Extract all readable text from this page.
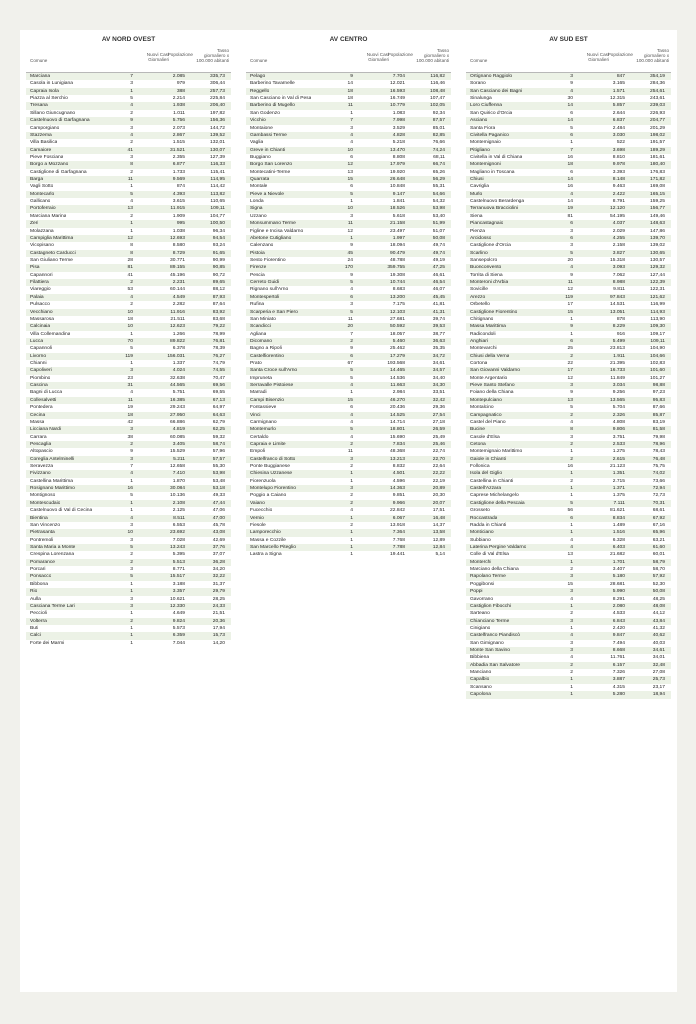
AV NORD OVEST
Comune
Nuovi Casi Giornalieri
Popolazione
Tasso giornaliero x 100.000 abitanti
Marciana	7	2.085	335,73
Casola in Lunigiana	3	979	306,44
Capraia Isola	1	388	257,73
Piazza al Serchio	5	2.214	225,84
Tresana	4	1.938	206,40
Sillano Giuncugnano	2	1.011	197,82
Castelnuovo di Garfagnana	9	5.756	156,36
Camporgiano	3	2.073	144,72
Stazzema	4	2.867	139,52
Villa Basilica	2	1.515	132,01
Camaiore	41	31.521	130,07
Pieve Fosciana	3	2.355	127,39
Borgo a Mozzano	8	6.877	116,33
Castiglione di Garfagnana	2	1.733	115,41
Barga	11	9.569	114,95
Vagli Sotto	1	874	114,42
Montecarlo	5	4.393	113,82
Gallicano	4	3.615	110,65
Portoferraio	13	11.915	109,11
Marciana Marina	2	1.909	104,77
Zeri	1	995	100,50
Molazzana	1	1.038	96,34
Campiglia Marittima	12	12.693	94,54
Vicopisano	8	8.580	93,24
Castagneto Carducci	8	8.729	91,65
San Giuliano Terme	28	30.771	90,99
Pisa	81	89.155	90,85
Capannori	41	45.196	90,72
Filattiera	2	2.231	89,65
Viareggio	53	60.144	88,12
Palaia	4	4.549	87,93
Pulsacco	2	2.282	87,64
Vecchiano	10	11.916	83,92
Massarosa	18	21.511	83,68
Calcinaia	10	12.623	79,22
Villa Collemandina	1	1.266	78,99
Lucca	70	89.822	76,81
Capannoli	5	6.378	78,39
Livorno	119	156.031	76,27
Chianni	1	1.337	74,79
Capoliveri	3	4.024	74,55
Piombino	23	32.638	70,47
Cascina	31	44.565	69,56
Bagni di Lucca	4	5.751	69,55
Collesalvetti	11	16.385	67,13
Pontedera	19	29.243	64,97
Cecina	18	27.950	64,63
Massa	42	66.886	62,79
Licciana Nardi	3	4.819	62,25
Carrara	38	60.085	59,32
Pescaglia	2	3.405	58,74
Altopascio	9	15.529	57,96
Coreglia Antelminelli	3	5.211	57,57
Seravezza	7	12.658	55,30
Fivizzano	4	7.410	53,98
Castellina Marittima	1	1.870	53,48
Rosignano Marittimo	16	30.084	53,18
Montignoso	5	10.136	49,33
Montescudaio	1	2.108	47,44
Castelnuovo di Val di Cecina	1	2.125	47,06
Bientina	4	8.511	47,00
San Vincenzo	3	6.553	45,78
Pietrasanta	10	23.692	43,08
Pontremoli	3	7.028	42,69
Santa Maria a Monte	5	13.243	37,76
Crespina Lorenzana	2	5.395	37,07
Pomarance	2	5.513	36,28
Porcari	3	8.771	34,20
Ponsacco	5	15.517	32,22
Bibbona	1	3.188	31,37
Rio	1	3.357	29,79
Aulla	3	10.621	28,25
Casciana Terme Lari	3	12.330	24,33
Peccioli	1	4.649	21,51
Volterra	2	9.824	20,36
Buti	1	5.573	17,94
Calci	1	6.359	15,73
Forte dei Marmi	1	7.044	14,20
AV CENTRO
Comune
Nuovi Casi Giornalieri
Popolazione
Tasso giornaliero x 100.000 abitanti
Pelago	9	7.704	116,82
Barberino Tavarnelle	14	12.021	116,46
Reggello	18	16.593	108,48
San Casciano in Val di Pesa	18	16.749	107,47
Barberino di Mugello	11	10.779	102,05
San Godenzo	1	1.083	92,34
Vicchio	7	7.998	87,57
Montaione	3	3.529	85,01
Gambassi Terme	4	4.828	82,85
Vaglia	4	5.218	76,66
Greve in Chianti	10	13.470	74,24
Buggiano	6	8.808	68,11
Borgo San Lorenzo	12	17.979	66,74
Montecatini-Terme	13	19.920	65,26
Quarrata	15	26.648	56,29
Montale	6	10.848	55,31
Pieve a Nievole	5	9.147	54,66
Londa	1	1.841	54,32
Signa	10	18.526	53,98
Uzzano	3	5.618	53,40
Monsummano Terme	11	21.158	51,99
Figline e Incisa Valdarno	12	23.497	51,07
Abetone Cutigliano	1	1.997	50,08
Calenzano	9	18.094	49,74
Pistoia	45	90.479	49,74
Sesto Fiorentino	24	48.788	49,19
Firenze	170	359.755	47,25
Pescia	9	19.308	46,61
Cerreto Guidi	5	10.744	46,54
Rignano sull'Arno	4	8.683	46,07
Montespertoli	6	13.200	45,45
Rufina	3	7.175	41,81
Scarperia e San Piero	5	12.103	41,31
San Miniato	11	27.681	39,74
Scandicci	20	50.592	39,53
Agliana	7	18.057	38,77
Dicomano	2	5.460	36,63
Bagno a Ripoli	9	25.462	35,35
Castelfiorentino	6	17.279	34,72
Prato	67	193.568	34,61
Santa Croce sull'Arno	5	14.465	34,57
Impruneta	5	14.536	34,40
Serravalle Pistoiese	4	11.663	34,30
Marradi	1	2.984	33,51
Campi Bisenzio	15	46.270	32,42
Fontassieve	6	20.436	29,36
Vinci	4	14.525	27,54
Carmignano	4	14.714	27,18
Montemurlo	5	18.801	26,59
Certaldo	4	15.690	25,49
Capraia e Limite	2	7.834	25,46
Empoli	11	48.368	22,74
Castelfranco di Sotto	3	13.213	22,70
Ponte Buggianese	2	8.832	22,64
Chiesina Uzzanese	1	4.501	22,22
Fiorenzuola	1	4.596	22,19
Montelupo Fiorentino	3	14.363	20,89
Poggio a Caiano	2	9.851	20,30
Vaiano	2	9.966	20,07
Fucecchio	4	22.842	17,51
Vernio	1	6.067	16,48
Fiesole	2	13.918	14,37
Lamporecchio	1	7.364	13,58
Massa e Cozzile	1	7.768	12,89
San Marcello Piteglio	1	7.788	12,84
Lastra a Signa	1	19.441	5,14
AV SUD EST
Comune
Nuovi Casi Giornalieri
Popolazione
Tasso giornaliero x 100.000 abitanti
Ortignano Raggiolo	3	847	354,19
Sorano	9	3.165	284,36
San Casciano dei Bagni	4	1.571	254,61
Sinalunga	30	12.315	243,61
Loro Ciuffenna	14	5.857	239,03
San Quirico d'Orcia	6	2.644	226,93
Asciano	14	6.837	204,77
Santa Fiora	5	2.484	201,29
Civitella Paganico	6	3.030	198,02
Montemignaio	1	522	191,57
Pitigliano	7	3.698	189,29
Civitella in Val di Chiana	16	8.810	181,61
Montemignoni	18	9.978	180,40
Magliano in Toscana	6	3.393	176,83
Chiusi	14	8.148	171,82
Cavriglia	16	9.463	169,08
Murlo	4	2.422	165,15
Castelnuovo Berardenga	14	8.791	159,25
Terranuova Bracciolini	19	12.120	156,77
Siena	81	54.195	149,46
Piancastagnaio	6	4.037	148,63
Pienza	3	2.029	147,86
Arcidosso	6	4.255	139,70
Castiglione d'Orcia	3	2.158	139,02
Scarlino	5	3.827	130,65
Sansepolcro	20	15.318	130,57
Buonconvento	4	3.093	129,32
Torrita di Siena	9	7.062	127,44
Monteroni d'Arbia	11	8.988	122,39
Sovicille	12	9.811	122,31
Arezzo	119	97.843	121,62
Orbetello	17	14.531	116,99
Castiglione Fiorentino	15	13.051	114,93
Chitignano	1	878	113,90
Massa Marittima	9	8.229	109,30
Radicondoli	1	916	109,17
Anghiari	6	5.499	109,11
Montevarchi	25	23.813	104,90
Chiusi della Verna	2	1.911	104,66
Cortona	22	21.395	102,83
San Giovanni Valdarno	17	16.733	101,60
Monte Argentario	12	11.849	101,27
Pieve Santo Stefano	3	3.034	98,88
Foiano della Chiana	9	9.256	97,23
Montepulciano	13	13.565	95,83
Montalcino	5	5.704	87,66
Campagnatico	2	2.326	85,87
Castel del Piano	4	4.808	83,19
Bucine	8	9.806	81,58
Casole d'Elsa	3	3.751	79,98
Cetona	2	2.533	78,96
Montemignaio Marittimo	1	1.275	78,43
Gaiole in Chianti	2	2.615	76,48
Follonica	16	21.123	75,75
Isola del Giglio	1	1.351	74,02
Castellina in Chianti	2	2.715	73,66
Castell'Azzara	1	1.371	72,94
Capresе Michelangelo	1	1.375	72,73
Castiglione della Pescaia	5	7.111	70,31
Grosseto	56	81.621	68,61
Roccastrada	6	8.834	67,92
Radda in Chianti	1	1.489	67,16
Monticiano	1	1.516	65,96
Subbiano	4	6.328	63,21
Laterina Pergine Valdarno	4	6.403	61,60
Colle di Val d'Elsa	13	21.682	60,01
Monterchi	1	1.701	58,79
Marciano della Chiana	2	3.407	58,70
Rapolano Terme	3	5.180	57,92
Poggibonsi	15	28.681	52,30
Poppi	3	5.990	50,08
Gavorrano	4	8.291	48,25
Castiglion Fibocchi	1	2.080	48,08
Sarteano	2	4.533	44,12
Chianciano Terme	3	6.843	43,84
Cinigiano	1	2.420	41,32
Castelfranco Piandiscò	4	9.847	40,62
San Gimignano	3	7.494	40,03
Monte San Savino	3	8.668	34,61
Bibbiena	4	11.761	34,01
Abbadia San Salvatore	2	6.157	32,48
Manciano	2	7.326	27,08
Capalbio	1	3.887	25,73
Scansano	1	4.315	23,17
Capolona	1	5.280	18,94
